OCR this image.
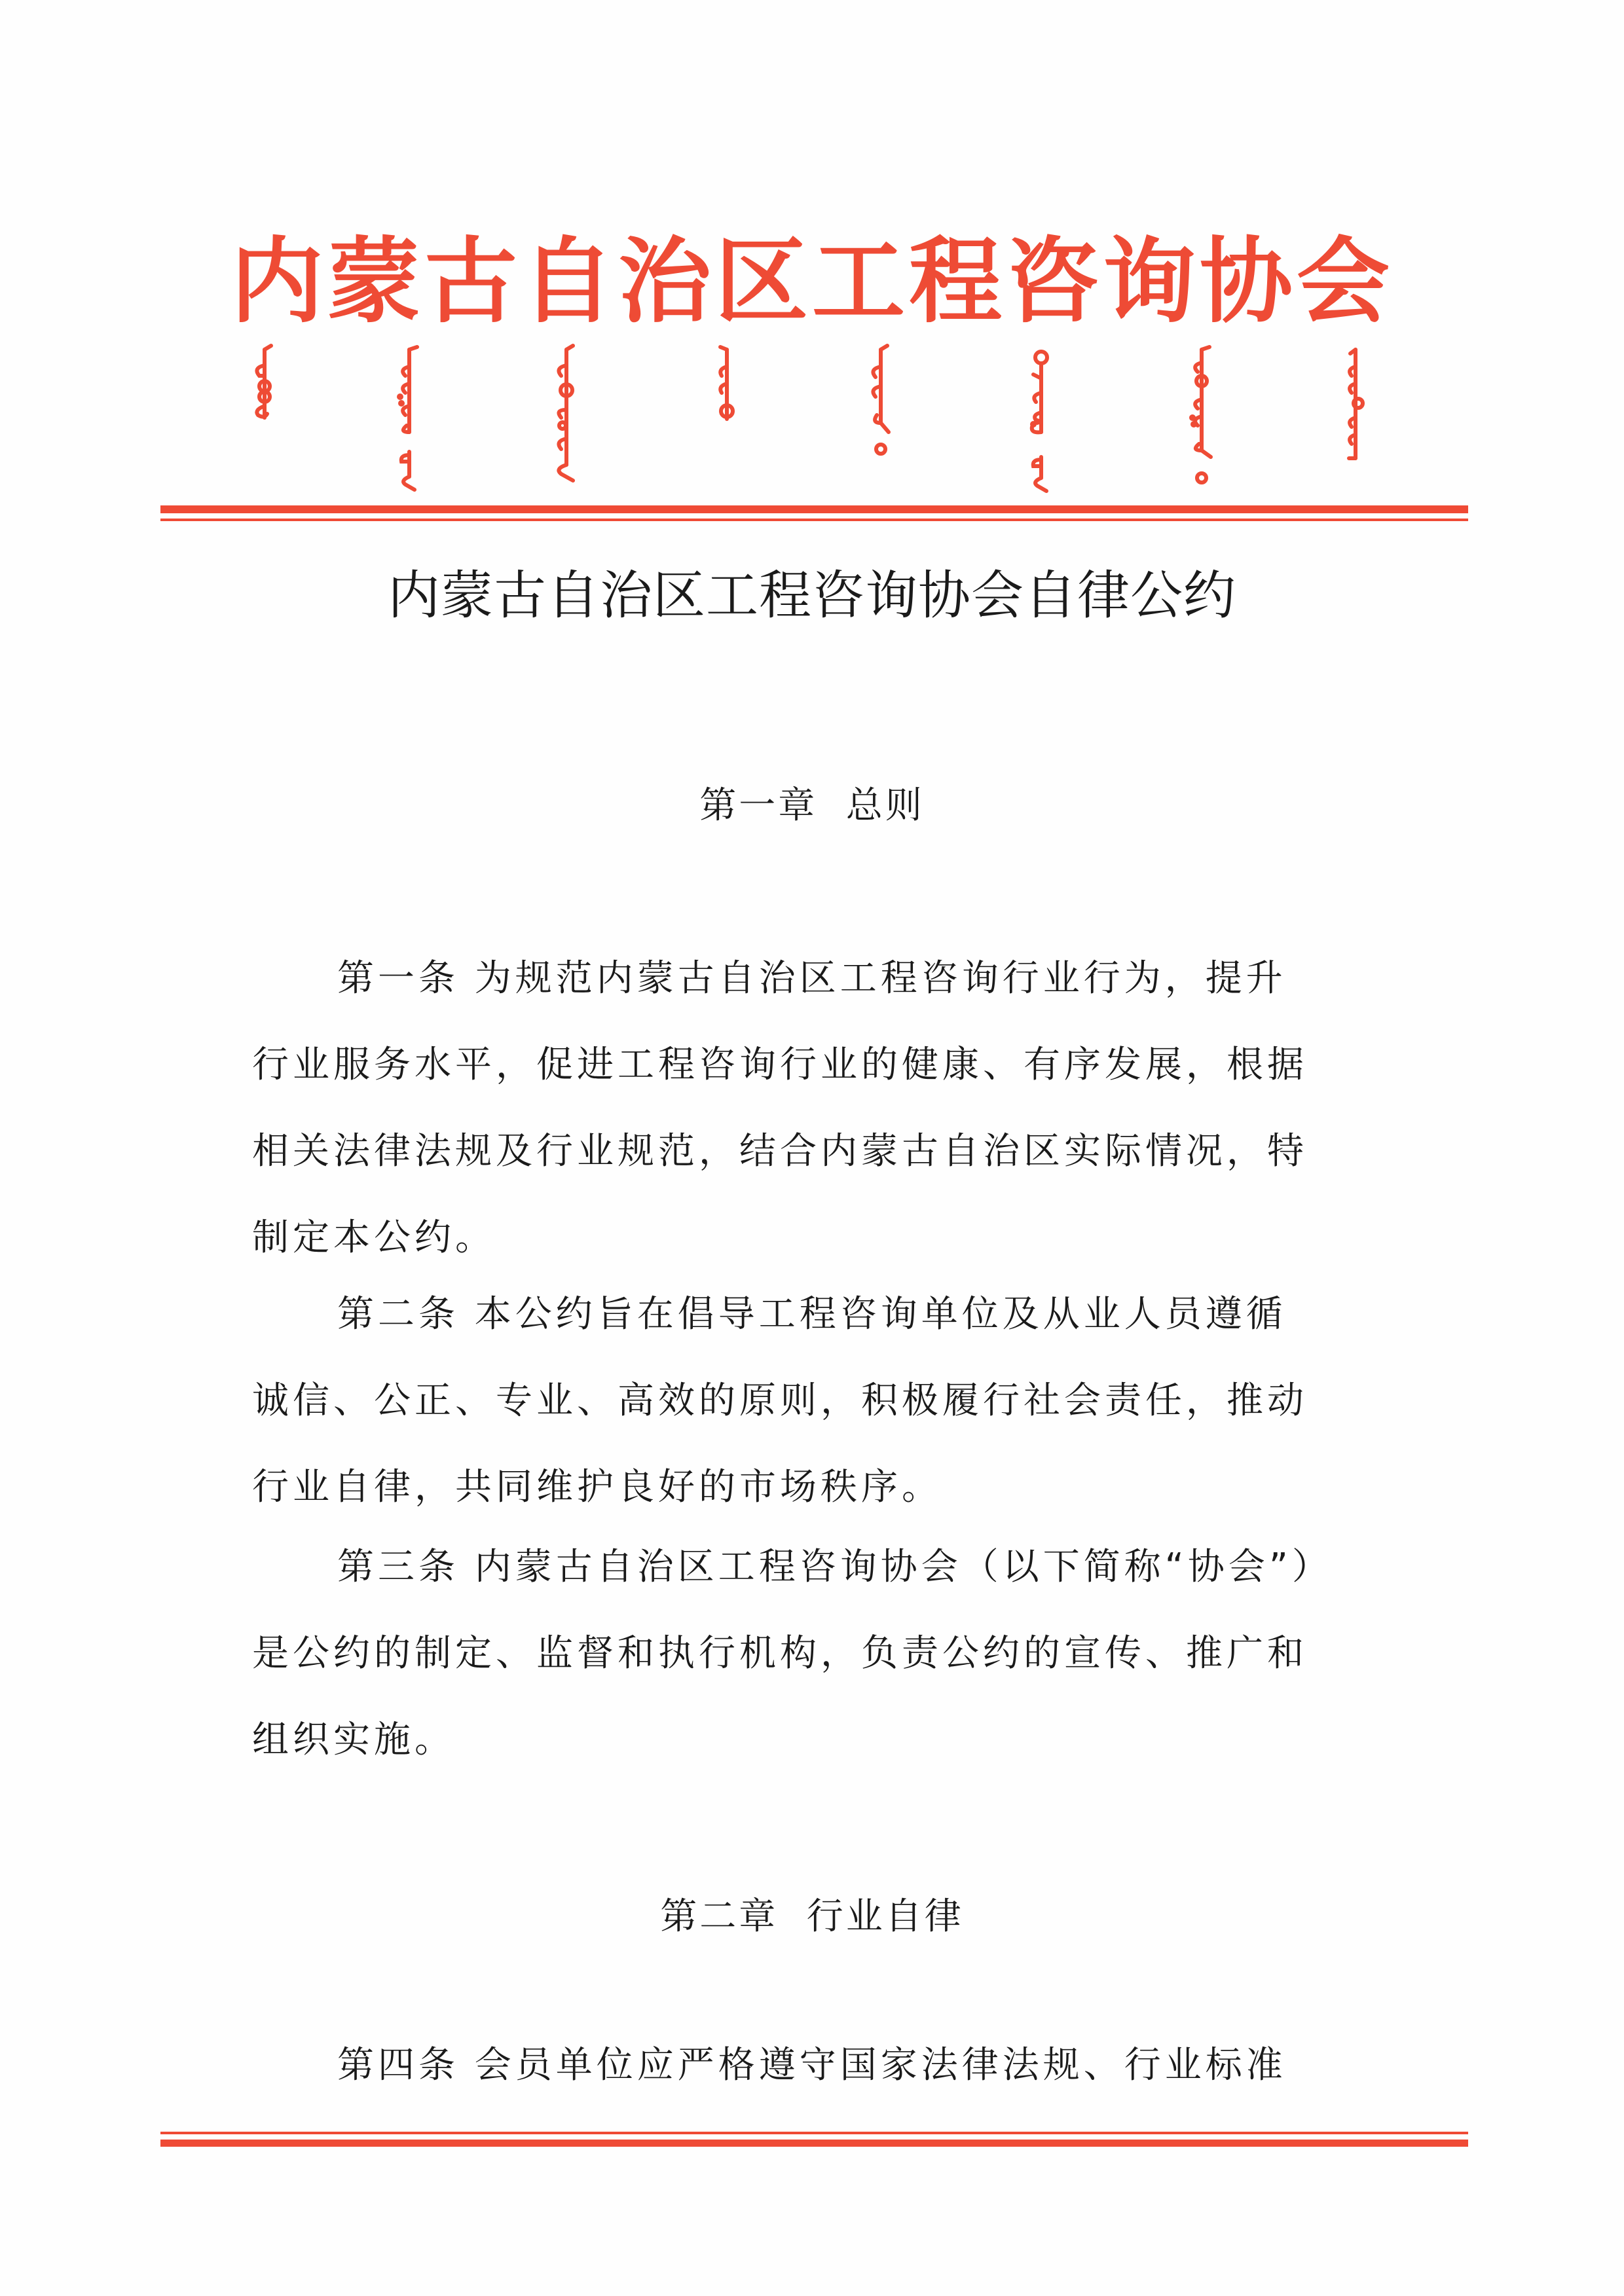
内蒙古自治区工程咨询协会
内蒙古自治区工程咨询协会自律公约
第一章  总则
第一条 为规范内蒙古自治区工程咨询行业行为，提升
行业服务水平，促进工程咨询行业的健康、有序发展，根据
相关法律法规及行业规范，结合内蒙古自治区实际情况，特
制定本公约。
第二条 本公约旨在倡导工程咨询单位及从业人员遵循
诚信、公正、专业、高效的原则，积极履行社会责任，推动
行业自律，共同维护良好的市场秩序。
第三条 内蒙古自治区工程咨询协会（以下简称“协会”）
是公约的制定、监督和执行机构，负责公约的宣传、推广和
组织实施。
第二章  行业自律
第四条 会员单位应严格遵守国家法律法规、行业标准
